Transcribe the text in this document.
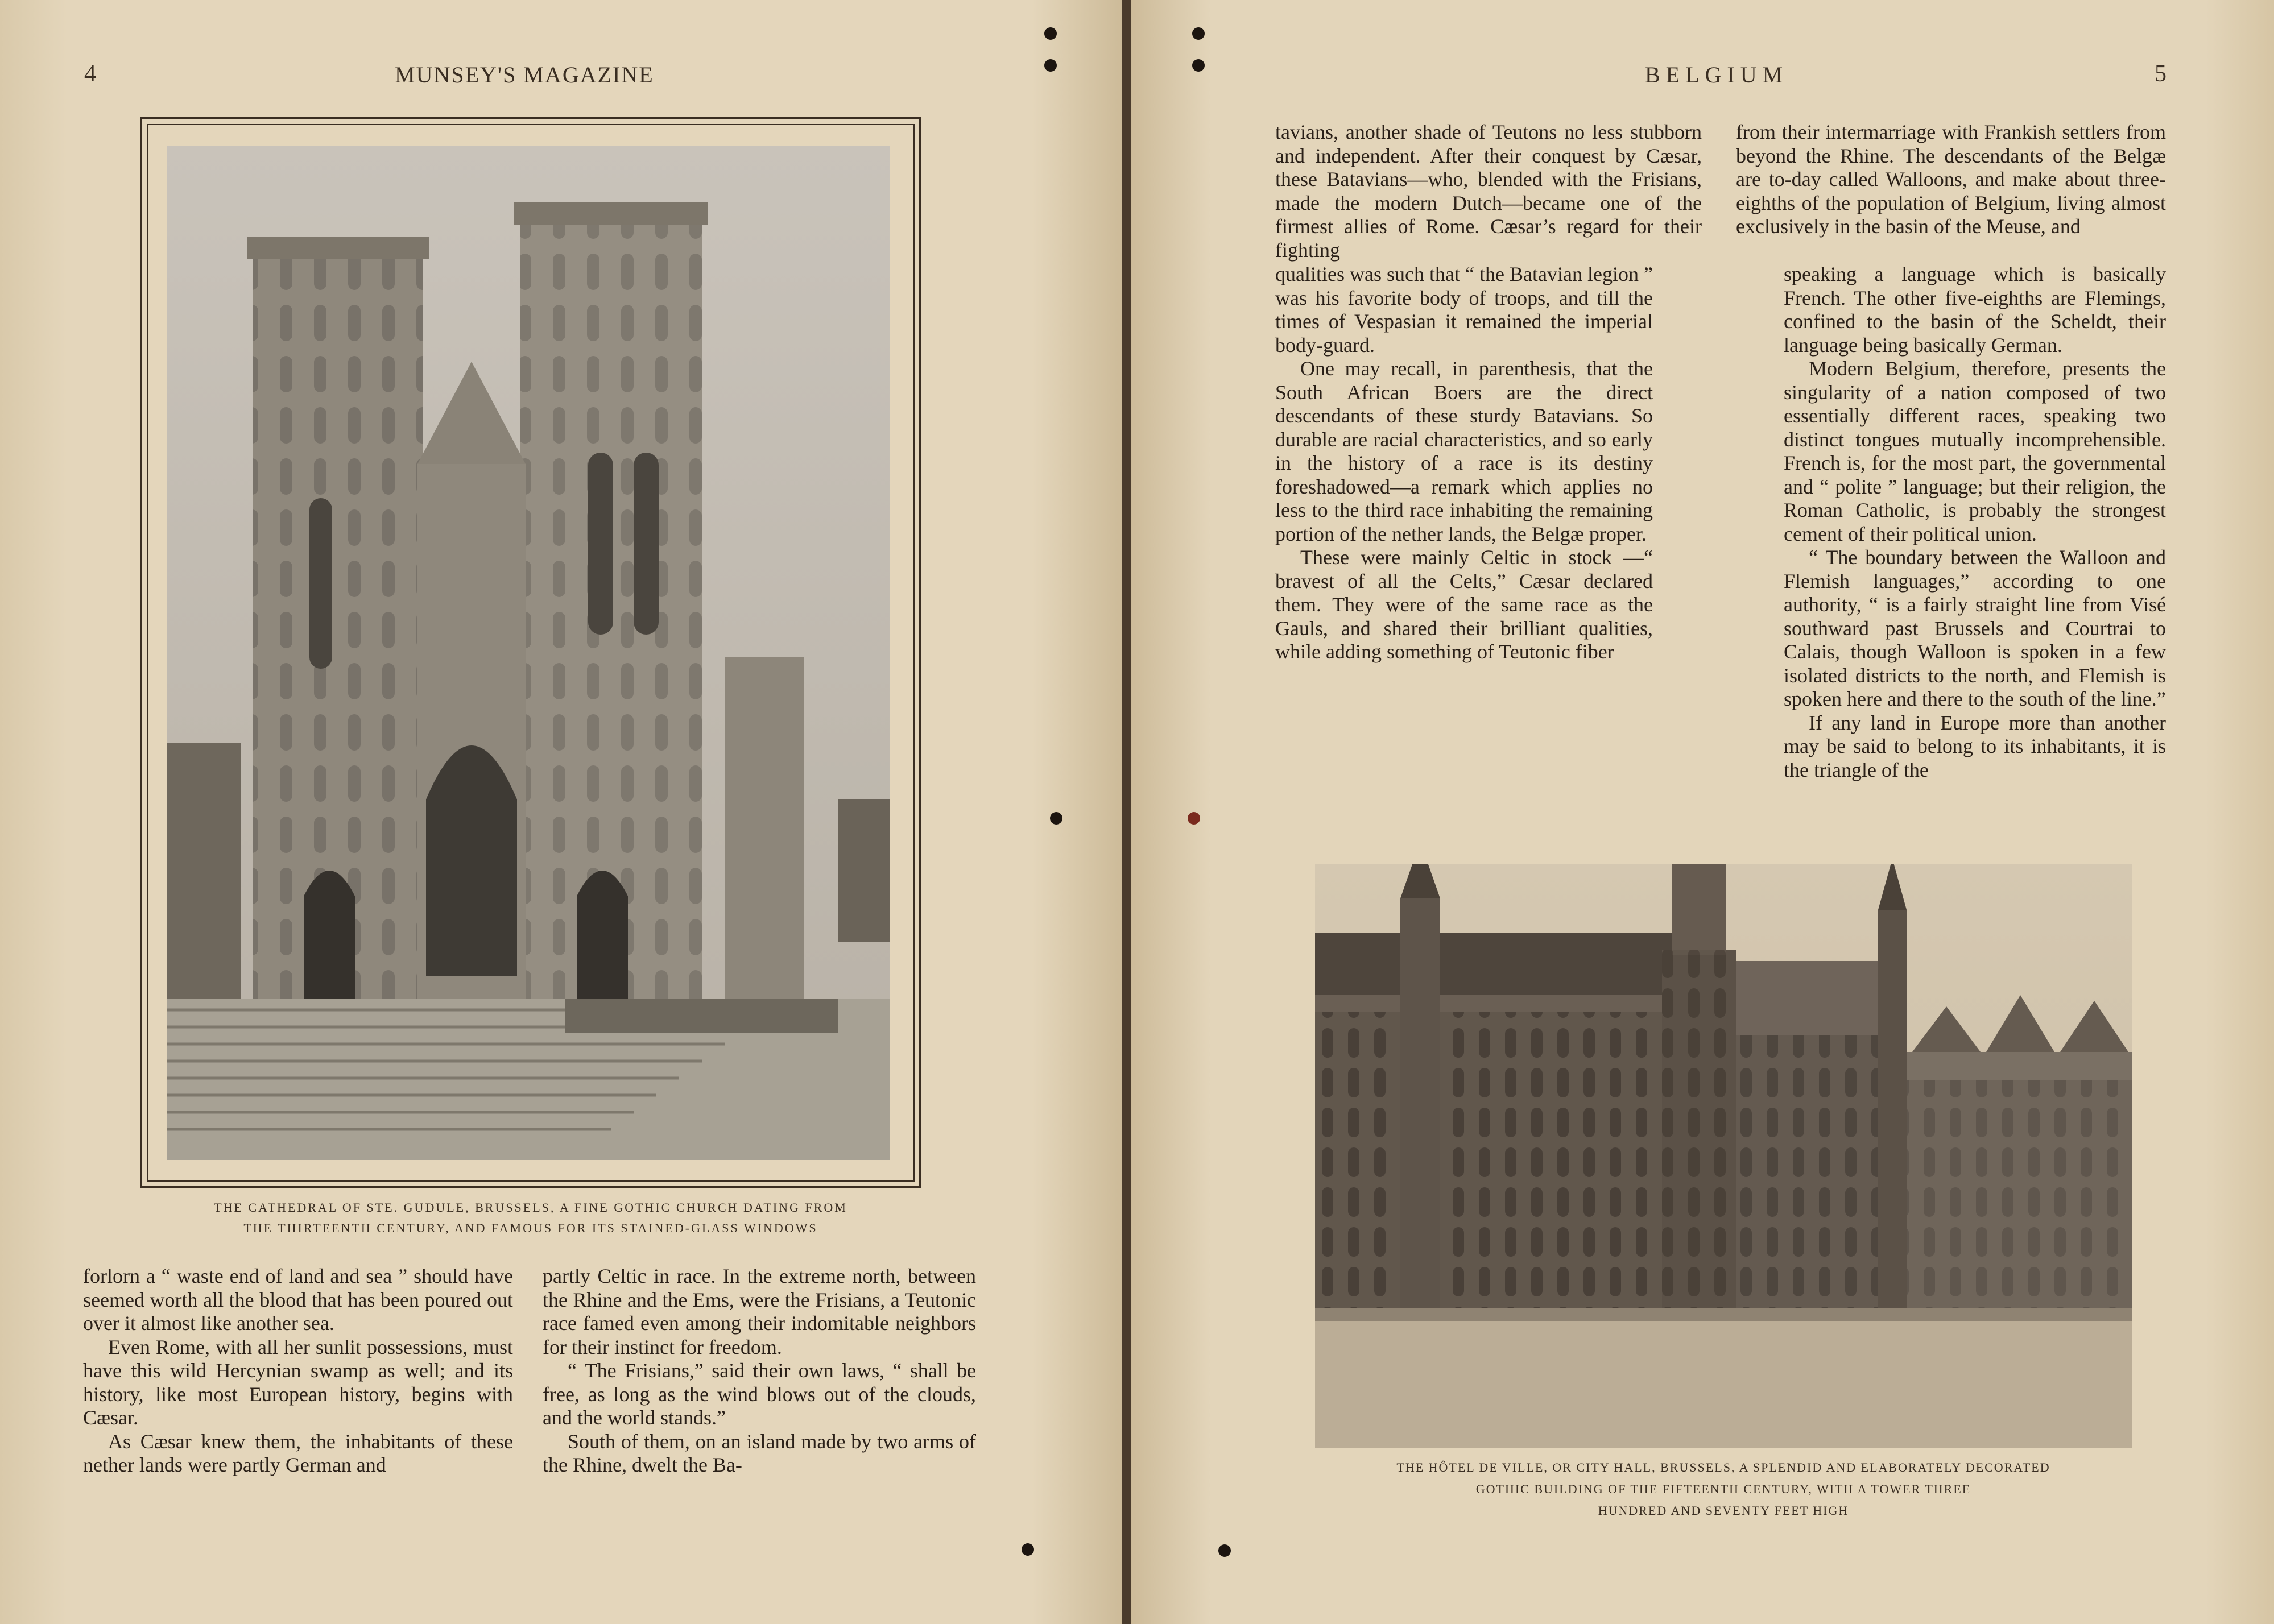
4	MUNSEY'S MAGAZINE
THE CATHEDRAL OF STE. GUDULE, BRUSSELS, A FINE GOTHIC CHURCH DATING FROM
THE THIRTEENTH CENTURY, AND FAMOUS FOR ITS STAINED-GLASS WINDOWS

forlorn a “ waste end of land and sea ” should have seemed worth all the blood that has been poured out over it almost like another sea.

Even Rome, with all her sunlit possessions, must have this wild Hercynian swamp as well; and its history, like most European history, begins with Cæsar.

As Cæsar knew them, the inhabitants of these nether lands were partly German and

partly Celtic in race. In the extreme north, between the Rhine and the Ems, were the Frisians, a Teutonic race famed even among their indomitable neighbors for their instinct for freedom.

“ The Frisians,” said their own laws, “ shall be free, as long as the wind blows out of the clouds, and the world stands.”

South of them, on an island made by two arms of the Rhine, dwelt the Ba-

BELGIUM	5

tavians, another shade of Teutons no less stubborn and independent. After their conquest by Cæsar, these Batavians—who, blended with the Frisians, made the modern Dutch—became one of the firmest allies of Rome. Cæsar’s regard for their fighting

qualities was such that “ the Batavian legion ” was his favorite body of troops, and till the times of Vespasian it remained the imperial body-guard.

One may recall, in parenthesis, that the South African Boers are the direct descendants of these sturdy Batavians. So durable are racial characteristics, and so early in the history of a race is its destiny foreshadowed—a remark which applies no less to the third race inhabiting the remaining portion of the nether lands, the Belgæ proper.

These were mainly Celtic in stock —“ bravest of all the Celts,” Cæsar declared them. They were of the same race as the Gauls, and shared their brilliant qualities, while adding something of Teutonic fiber

from their intermarriage with Frankish settlers from beyond the Rhine. The descendants of the Belgæ are to-day called Walloons, and make about three-eighths of the population of Belgium, living almost exclusively in the basin of the Meuse, and

speaking a language which is basically French. The other five-eighths are Flemings, confined to the basin of the Scheldt, their language being basically German.

Modern Belgium, therefore, presents the singularity of a nation composed of two essentially different races, speaking two distinct tongues mutually incomprehensible. French is, for the most part, the governmental and “ polite ” language; but their religion, the Roman Catholic, is probably the strongest cement of their political union.

“ The boundary between the Walloon and Flemish languages,” according to one authority, “ is a fairly straight line from Visé southward past Brussels and Courtrai to Calais, though Walloon is spoken in a few isolated districts to the north, and Flemish is spoken here and there to the south of the line.”

If any land in Europe more than another may be said to belong to its inhabitants, it is the triangle of the

THE HÔTEL DE VILLE, OR CITY HALL, BRUSSELS, A SPLENDID AND ELABORATELY DECORATED
GOTHIC BUILDING OF THE FIFTEENTH CENTURY, WITH A TOWER THREE
HUNDRED AND SEVENTY FEET HIGH
